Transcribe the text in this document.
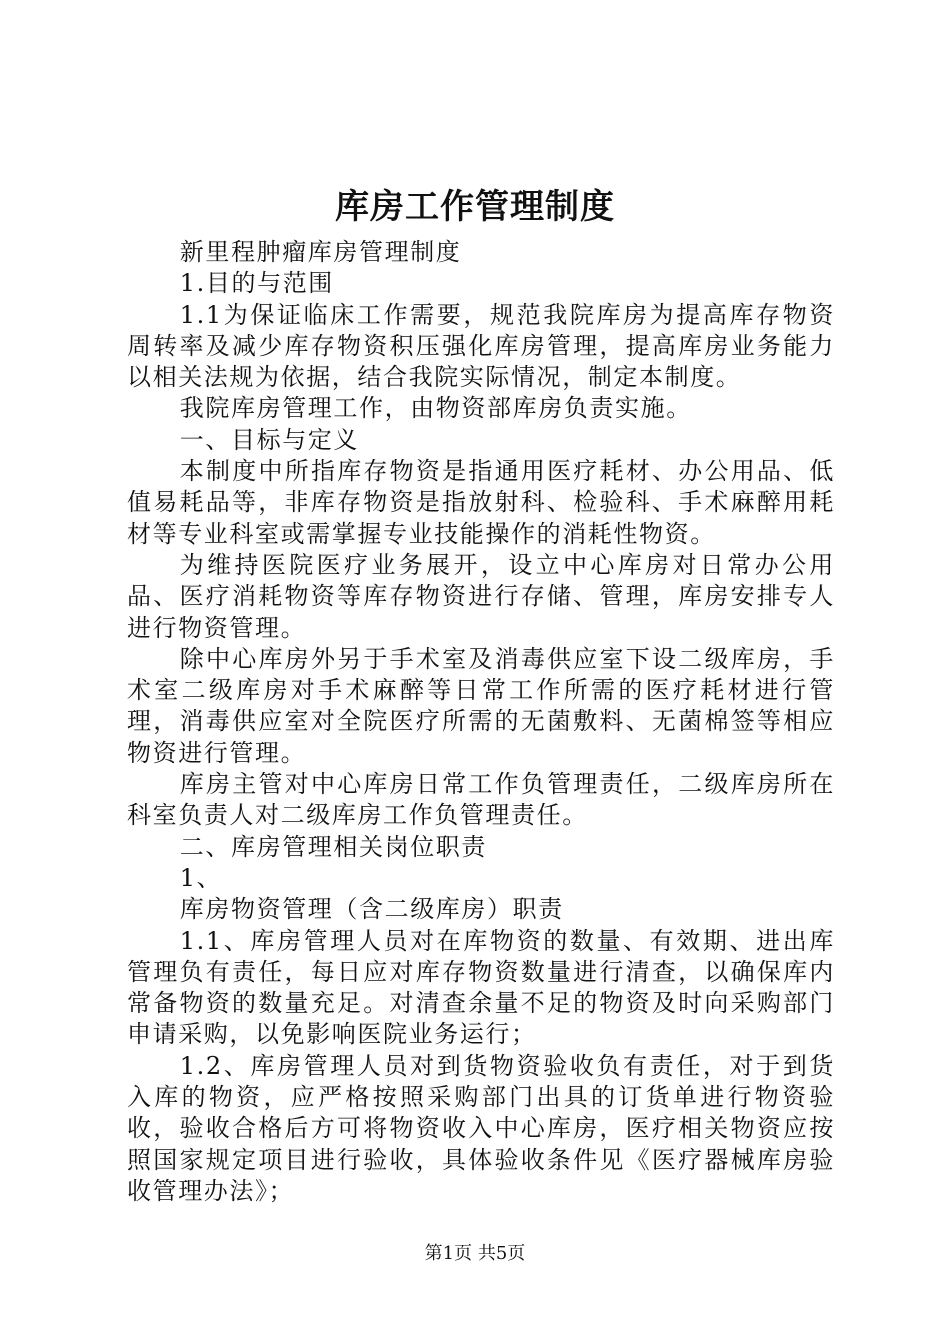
库房工作管理制度

新里程肿瘤库房管理制度

1.目的与范围

1.1为保证临床工作需要，规范我院库房为提高库存物资周转率及减少库存物资积压强化库房管理，提高库房业务能力以相关法规为依据，结合我院实际情况，制定本制度。

我院库房管理工作，由物资部库房负责实施。

一、目标与定义

本制度中所指库存物资是指通用医疗耗材、办公用品、低值易耗品等，非库存物资是指放射科、检验科、手术麻醉用耗材等专业科室或需掌握专业技能操作的消耗性物资。

为维持医院医疗业务展开，设立中心库房对日常办公用品、医疗消耗物资等库存物资进行存储、管理，库房安排专人进行物资管理。

除中心库房外另于手术室及消毒供应室下设二级库房，手术室二级库房对手术麻醉等日常工作所需的医疗耗材进行管理，消毒供应室对全院医疗所需的无菌敷料、无菌棉签等相应物资进行管理。

库房主管对中心库房日常工作负管理责任，二级库房所在科室负责人对二级库房工作负管理责任。

二、库房管理相关岗位职责

1、

库房物资管理（含二级库房）职责

1.1、库房管理人员对在库物资的数量、有效期、进出库管理负有责任，每日应对库存物资数量进行清查，以确保库内常备物资的数量充足。对清查余量不足的物资及时向采购部门申请采购，以免影响医院业务运行；

1.2、库房管理人员对到货物资验收负有责任，对于到货入库的物资，应严格按照采购部门出具的订货单进行物资验收，验收合格后方可将物资收入中心库房，医疗相关物资应按照国家规定项目进行验收，具体验收条件见《医疗器械库房验收管理办法》；

第1页 共5页
